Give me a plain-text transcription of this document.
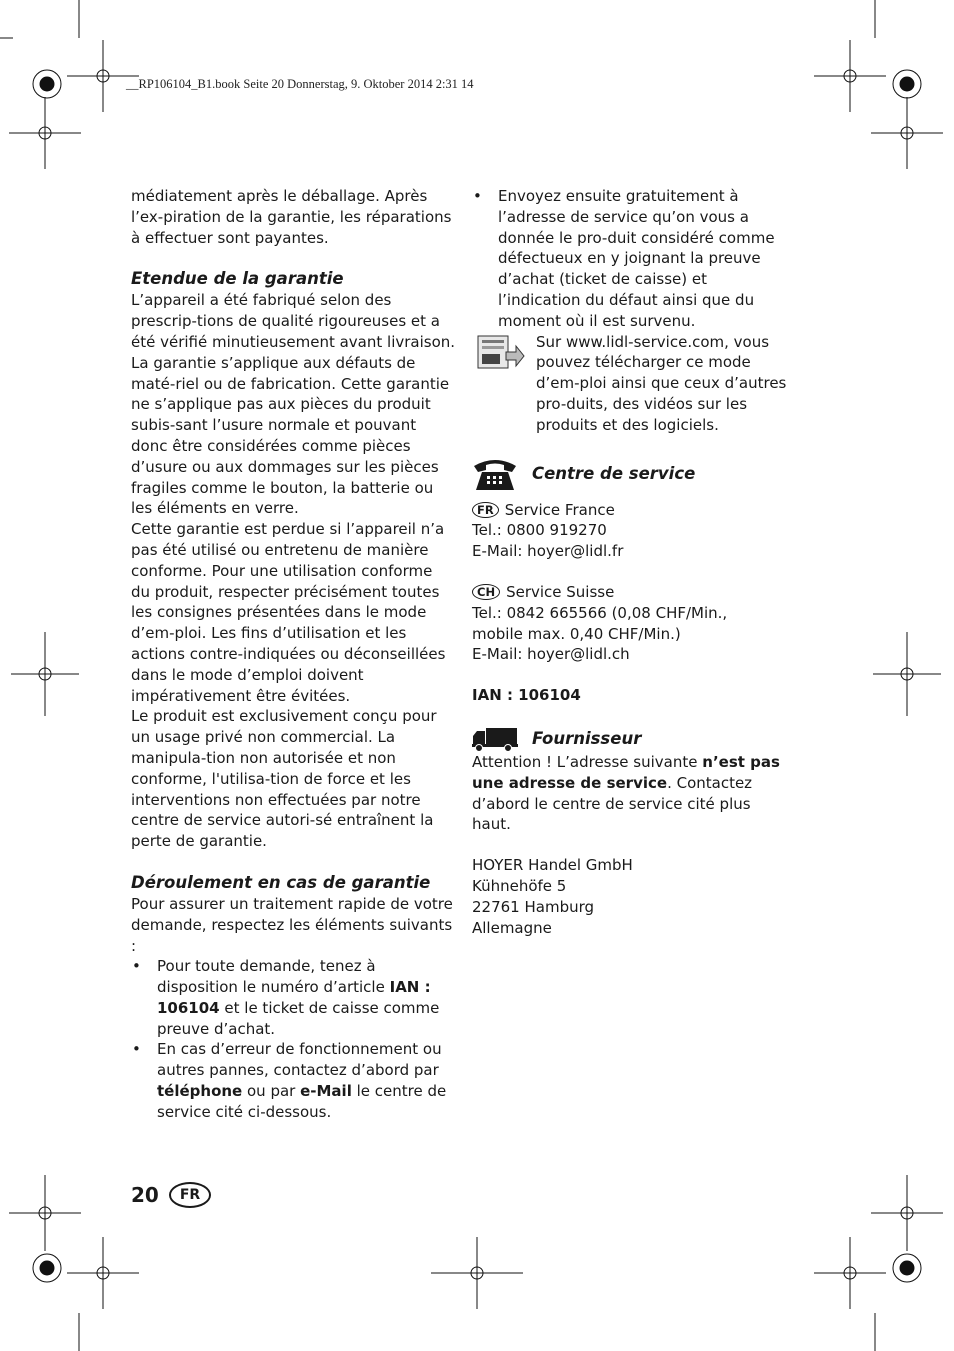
__RP106104_B1.book Seite 20 Donnerstag, 9. Oktober 2014 2:31 14

médiatement après le déballage. Après l’ex-piration de la garantie, les réparations à effectuer sont payantes.

Etendue de la garantie

L’appareil a été fabriqué selon des prescrip-tions de qualité rigoureuses et a été vérifié minutieusement avant livraison.

La garantie s’applique aux défauts de maté-riel ou de fabrication. Cette garantie ne s’applique pas aux pièces du produit subis-sant l’usure normale et pouvant donc être considérées comme pièces d’usure ou aux dommages sur les pièces fragiles comme le bouton, la batterie ou les éléments en verre.

Cette garantie est perdue si l’appareil n’a pas été utilisé ou entretenu de manière conforme. Pour une utilisation conforme du produit, respecter précisément toutes les consignes présentées dans le mode d’em-ploi. Les fins d’utilisation et les actions contre-indiquées ou déconseillées dans le mode d’emploi doivent impérativement être évitées.

Le produit est exclusivement conçu pour un usage privé non commercial. La manipula-tion non autorisée et non conforme, l'utilisa-tion de force et les interventions non effectuées par notre centre de service autori-sé entraînent la perte de garantie.

Déroulement en cas de garantie

Pour assurer un traitement rapide de votre demande, respectez les éléments suivants :

• Pour toute demande, tenez à disposition le numéro d’article IAN : 106104 et le ticket de caisse comme preuve d’achat.
• En cas d’erreur de fonctionnement ou autres pannes, contactez d’abord par téléphone ou par e-Mail le centre de service cité ci-dessous.
• Envoyez ensuite gratuitement à l’adresse de service qu’on vous a donnée le pro-duit considéré comme défectueux en y joignant la preuve d’achat (ticket de caisse) et l’indication du défaut ainsi que du moment où il est survenu.
Sur www.lidl-service.com, vous pouvez télécharger ce mode d’em-ploi ainsi que ceux d’autres pro-duits, des vidéos sur les produits et des logiciels.

Centre de service

FR Service France

Tel.: 0800 919270

E-Mail: hoyer@lidl.fr

CH Service Suisse

Tel.: 0842 665566 (0,08 CHF/Min.,

mobile max. 0,40 CHF/Min.)

E-Mail: hoyer@lidl.ch

IAN : 106104

Fournisseur

Attention ! L’adresse suivante n’est pas une adresse de service. Contactez d’abord le centre de service cité plus haut.

HOYER Handel GmbH

Kühnehöfe 5

22761 Hamburg

Allemagne

20	FR
